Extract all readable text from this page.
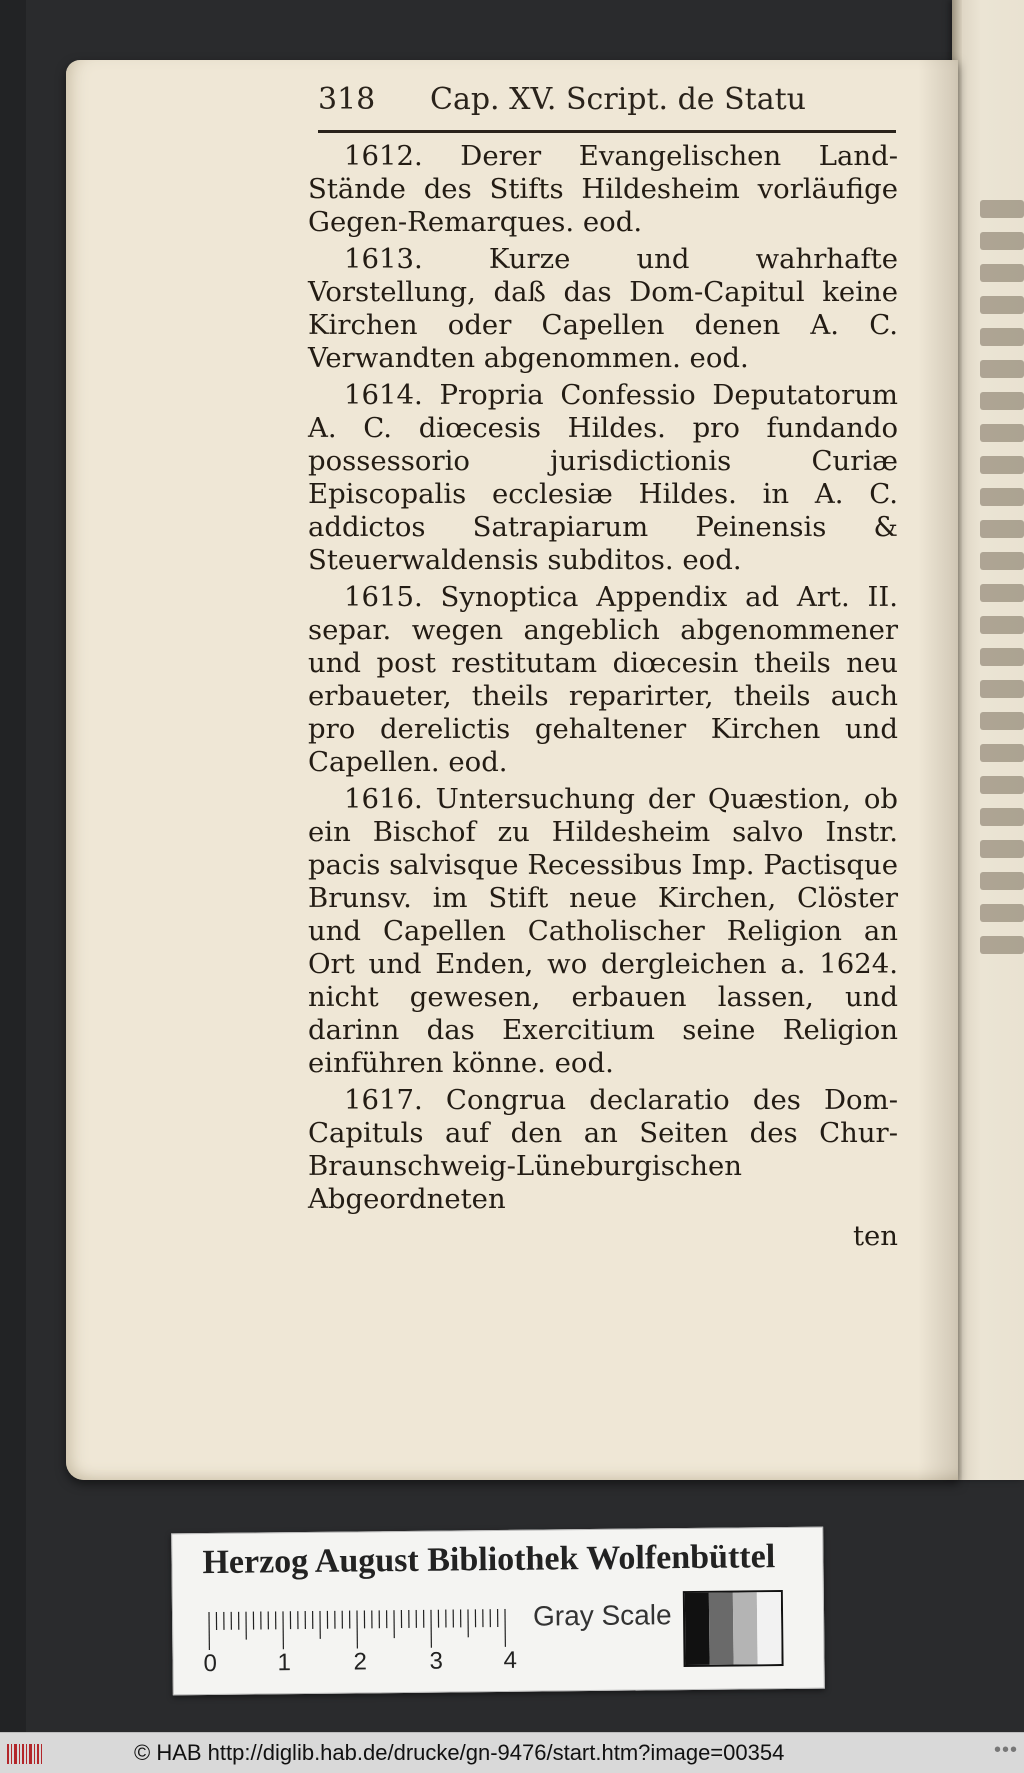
318 Cap. XV. Script. de Statu

1612. Derer Evangelischen Land-Stände des Stifts Hildesheim vorläufige Gegen-Remarques. eod.

1613. Kurze und wahrhafte Vorstellung, daß das Dom-Capitul keine Kirchen oder Capellen denen A. C. Verwandten abgenommen. eod.

1614. Propria Confessio Deputatorum A. C. diœcesis Hildes. pro fundando possessorio jurisdictionis Curiæ Episcopalis ecclesiæ Hildes. in A. C. addictos Satrapiarum Peinensis & Steuerwaldensis subditos. eod.

1615. Synoptica Appendix ad Art. II. separ. wegen angeblich abgenommener und post restitutam diœcesin theils neu erbaueter, theils reparirter, theils auch pro derelictis gehaltener Kirchen und Capellen. eod.

1616. Untersuchung der Quæstion, ob ein Bischof zu Hildesheim salvo Instr. pacis salvisque Recessibus Imp. Pactisque Brunsv. im Stift neue Kirchen, Clöster und Capellen Catholischer Religion an Ort und Enden, wo dergleichen a. 1624. nicht gewesen, erbauen lassen, und darinn das Exercitium seine Religion einführen könne. eod.

1617. Congrua declaratio des Dom-Capituls auf den an Seiten des Chur-Braunschweig-Lüneburgischen Abgeordneten

ten
Herzog August Bibliothek Wolfenbüttel
0	1	2	3	4
Gray Scale
© HAB http://diglib.hab.de/drucke/gn-9476/start.htm?image=00354	•••
